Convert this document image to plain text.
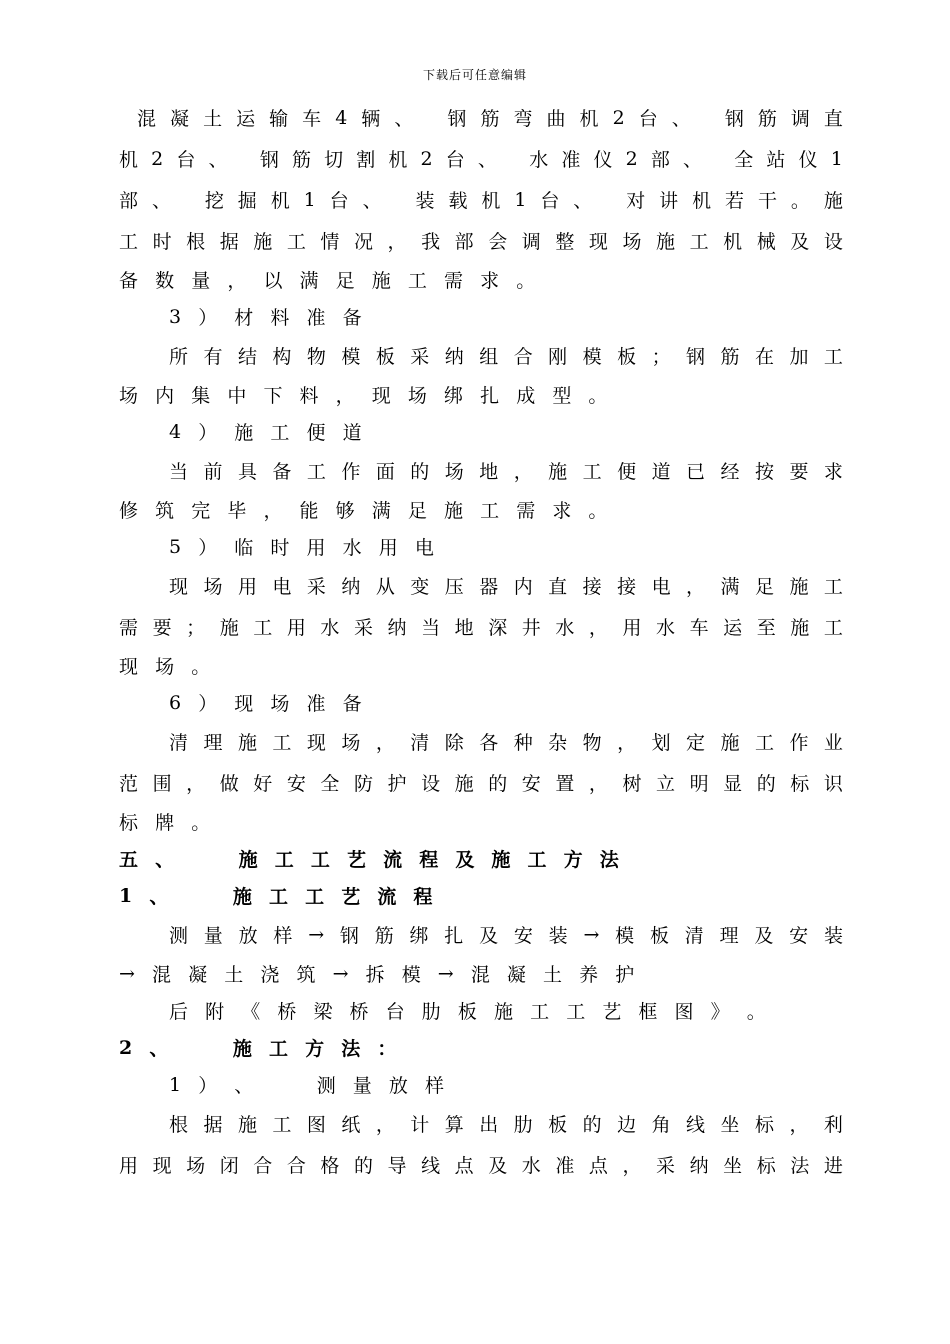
下载后可任意编辑
混 凝 土 运 输 车 4 辆 、
钢 筋 弯 曲 机 2 台 、
钢 筋 调 直
机 2 台 、
钢 筋 切 割 机 2 台 、
水 准 仪 2 部 、
全 站 仪 1
部 、
挖 掘 机 1 台 、
装 载 机 1 台 、
对 讲 机 若 干 。 施
工 时 根 据 施 工 情 况 ， 我 部 会 调 整 现 场 施 工 机 械 及 设
备 数 量 ， 以 满 足 施 工 需 求 。
3 ） 材 料 准 备
所 有 结 构 物 模 板 采 纳 组 合 刚 模 板 ； 钢 筋 在 加 工
场 内 集 中 下 料 ， 现 场 绑 扎 成 型 。
4 ） 施 工 便 道
当 前 具 备 工 作 面 的 场 地 ， 施 工 便 道 已 经 按 要 求
修 筑 完 毕 ， 能 够 满 足 施 工 需 求 。
5 ） 临 时 用 水 用 电
现 场 用 电 采 纳 从 变 压 器 内 直 接 接 电 ， 满 足 施 工
需 要 ； 施 工 用 水 采 纳 当 地 深 井 水 ， 用 水 车 运 至 施 工
现 场 。
6 ） 现 场 准 备
清 理 施 工 现 场 ， 清 除 各 种 杂 物 ， 划 定 施 工 作 业
范 围 ， 做 好 安 全 防 护 设 施 的 安 置 ， 树 立 明 显 的 标 识
标 牌 。
五 、

	施 工 工 艺 流 程 及 施 工 方 法
1 、

	施 工 工 艺 流 程
测 量 放 样 → 钢 筋 绑 扎 及 安 装 → 模 板 清 理 及 安 装
→ 混 凝 土 浇 筑 → 拆 模 → 混 凝 土 养 护
后 附 《 桥 梁 桥 台 肋 板 施 工 工 艺 框 图 》 。
2 、

	施 工 方 法 ：
1 ） 、

	测 量 放 样
根 据 施 工 图 纸 ， 计 算 出 肋 板 的 边 角 线 坐 标 ， 利
用 现 场 闭 合 合 格 的 导 线 点 及 水 准 点 ， 采 纳 坐 标 法 进
